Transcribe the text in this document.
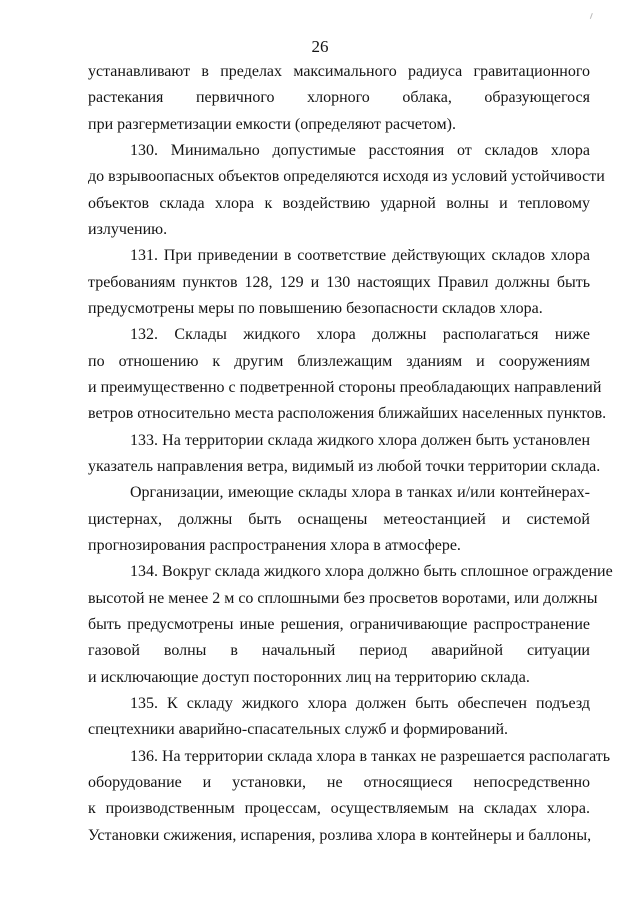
26
устанавливают в пределах максимального радиуса гравитационного
растекания первичного хлорного облака, образующегося
при разгерметизации емкости (определяют расчетом).
130. Минимально допустимые расстояния от складов хлора
до взрывоопасных объектов определяются исходя из условий устойчивости
объектов склада хлора к воздействию ударной волны и тепловому
излучению.
131. При приведении в соответствие действующих складов хлора
требованиям пунктов 128, 129 и 130 настоящих Правил должны быть
предусмотрены меры по повышению безопасности складов хлора.
132. Склады жидкого хлора должны располагаться ниже
по отношению к другим близлежащим зданиям и сооружениям
и преимущественно с подветренной стороны преобладающих направлений
ветров относительно места расположения ближайших населенных пунктов.
133. На территории склада жидкого хлора должен быть установлен
указатель направления ветра, видимый из любой точки территории склада.
Организации, имеющие склады хлора в танках и/или контейнерах-
цистернах, должны быть оснащены метеостанцией и системой
прогнозирования распространения хлора в атмосфере.
134. Вокруг склада жидкого хлора должно быть сплошное ограждение
высотой не менее 2 м со сплошными без просветов воротами, или должны
быть предусмотрены иные решения, ограничивающие распространение
газовой волны в начальный период аварийной ситуации
и исключающие доступ посторонних лиц на территорию склада.
135. К складу жидкого хлора должен быть обеспечен подъезд
спецтехники аварийно-спасательных служб и формирований.
136. На территории склада хлора в танках не разрешается располагать
оборудование и установки, не относящиеся непосредственно
к производственным процессам, осуществляемым на складах хлора.
Установки сжижения, испарения, розлива хлора в контейнеры и баллоны,
